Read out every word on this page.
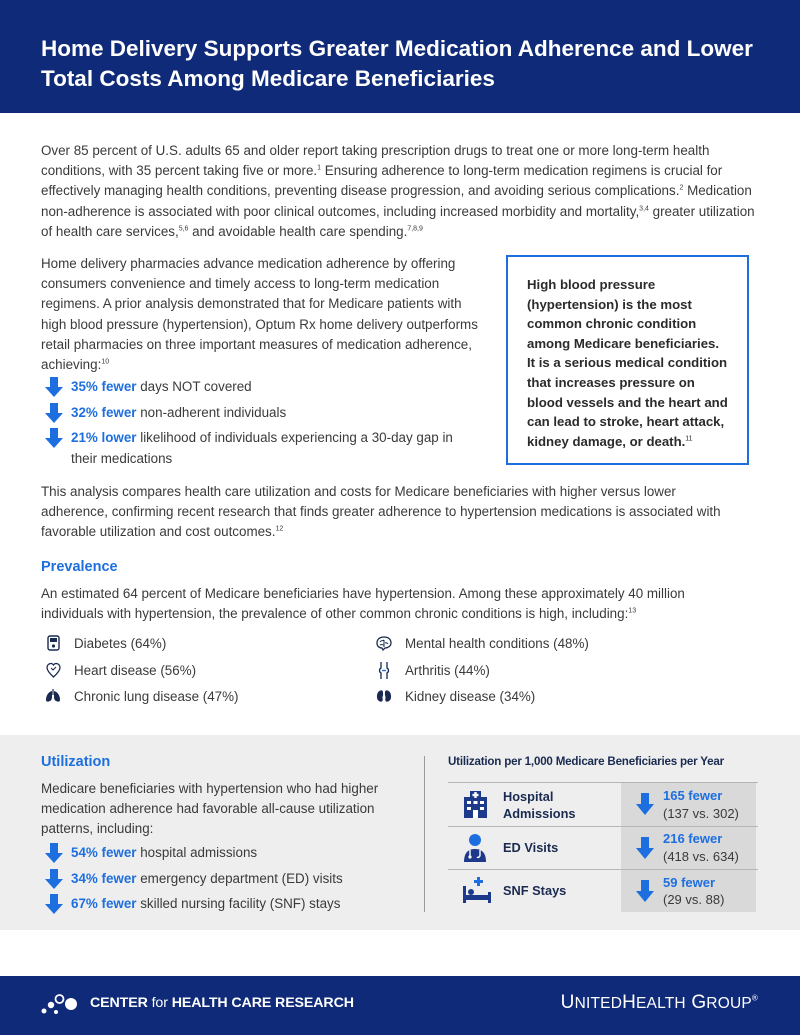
Home Delivery Supports Greater Medication Adherence and Lower Total Costs Among Medicare Beneficiaries

Over 85 percent of U.S. adults 65 and older report taking prescription drugs to treat one or more long-term health conditions, with 35 percent taking five or more.$^1$ Ensuring adherence to long-term medication regimens is crucial for effectively managing health conditions, preventing disease progression, and avoiding serious complications.$^2$ Medication non-adherence is associated with poor clinical outcomes, including increased morbidity and mortality,$^{3,4}$ greater utilization of health care services,$^{5,6}$ and avoidable health care spending.$^{7,8,9}$

Home delivery pharmacies advance medication adherence by offering consumers convenience and timely access to long-term medication regimens. A prior analysis demonstrated that for Medicare patients with high blood pressure (hypertension), Optum Rx home delivery outperforms retail pharmacies on three important measures of medication adherence, achieving:$^{10}$

35% fewer days NOT covered
32% fewer non-adherent individuals
21% lower likelihood of individuals experiencing a 30-day gap in their medications

High blood pressure (hypertension) is the most common chronic condition among Medicare beneficiaries. It is a serious medical condition that increases pressure on blood vessels and the heart and can lead to stroke, heart attack, kidney damage, or death.$^{11}$

This analysis compares health care utilization and costs for Medicare beneficiaries with higher versus lower adherence, confirming recent research that finds greater adherence to hypertension medications is associated with favorable utilization and cost outcomes.$^{12}$

Prevalence

An estimated 64 percent of Medicare beneficiaries have hypertension. Among these approximately 40 million individuals with hypertension, the prevalence of other common chronic conditions is high, including:$^{13}$

Diabetes (64%)
Heart disease (56%)
Chronic lung disease (47%)
Mental health conditions (48%)
Arthritis (44%)
Kidney disease (34%)
Utilization

Medicare beneficiaries with hypertension who had higher medication adherence had favorable all-cause utilization patterns, including:

54% fewer hospital admissions
34% fewer emergency department (ED) visits
67% fewer skilled nursing facility (SNF) stays
Utilization per 1,000 Medicare Beneficiaries per Year
Hospital
Admissions
165 fewer
(137 vs. 302)
ED Visits
216 fewer
(418 vs. 634)
SNF Stays
59 fewer
(29 vs. 88)
CENTER for HEALTH CARE RESEARCH	UNITEDHEALTH GROUP®
